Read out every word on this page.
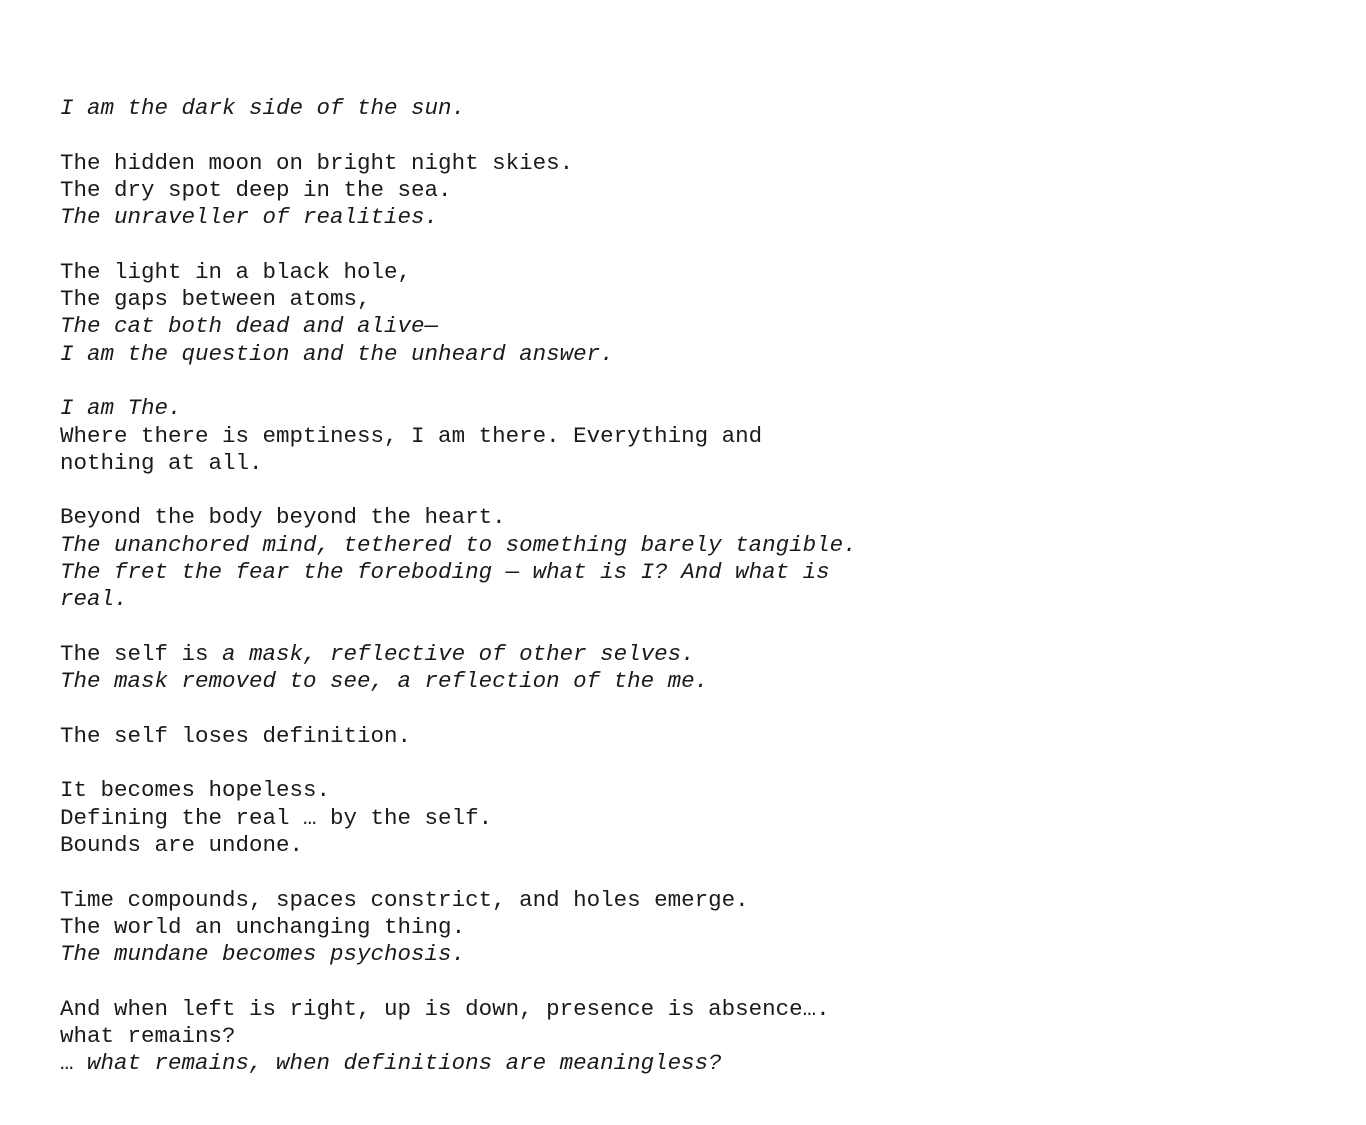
I am the dark side of the sun.
The hidden moon on bright night skies.
The dry spot deep in the sea.
The unraveller of realities.
The light in a black hole,
The gaps between atoms,
The cat both dead and alive—
I am the question and the unheard answer.
I am The.
Where there is emptiness, I am there. Everything and
nothing at all.
Beyond the body beyond the heart.
The unanchored mind, tethered to something barely tangible.
The fret the fear the foreboding — what is I? And what is
real.
The self is a mask, reflective of other selves.
The mask removed to see, a reflection of the me.
The self loses definition.
It becomes hopeless.
Defining the real … by the self.
Bounds are undone.
Time compounds, spaces constrict, and holes emerge.
The world an unchanging thing.
The mundane becomes psychosis.
And when left is right, up is down, presence is absence….
what remains?
… what remains, when definitions are meaningless?
